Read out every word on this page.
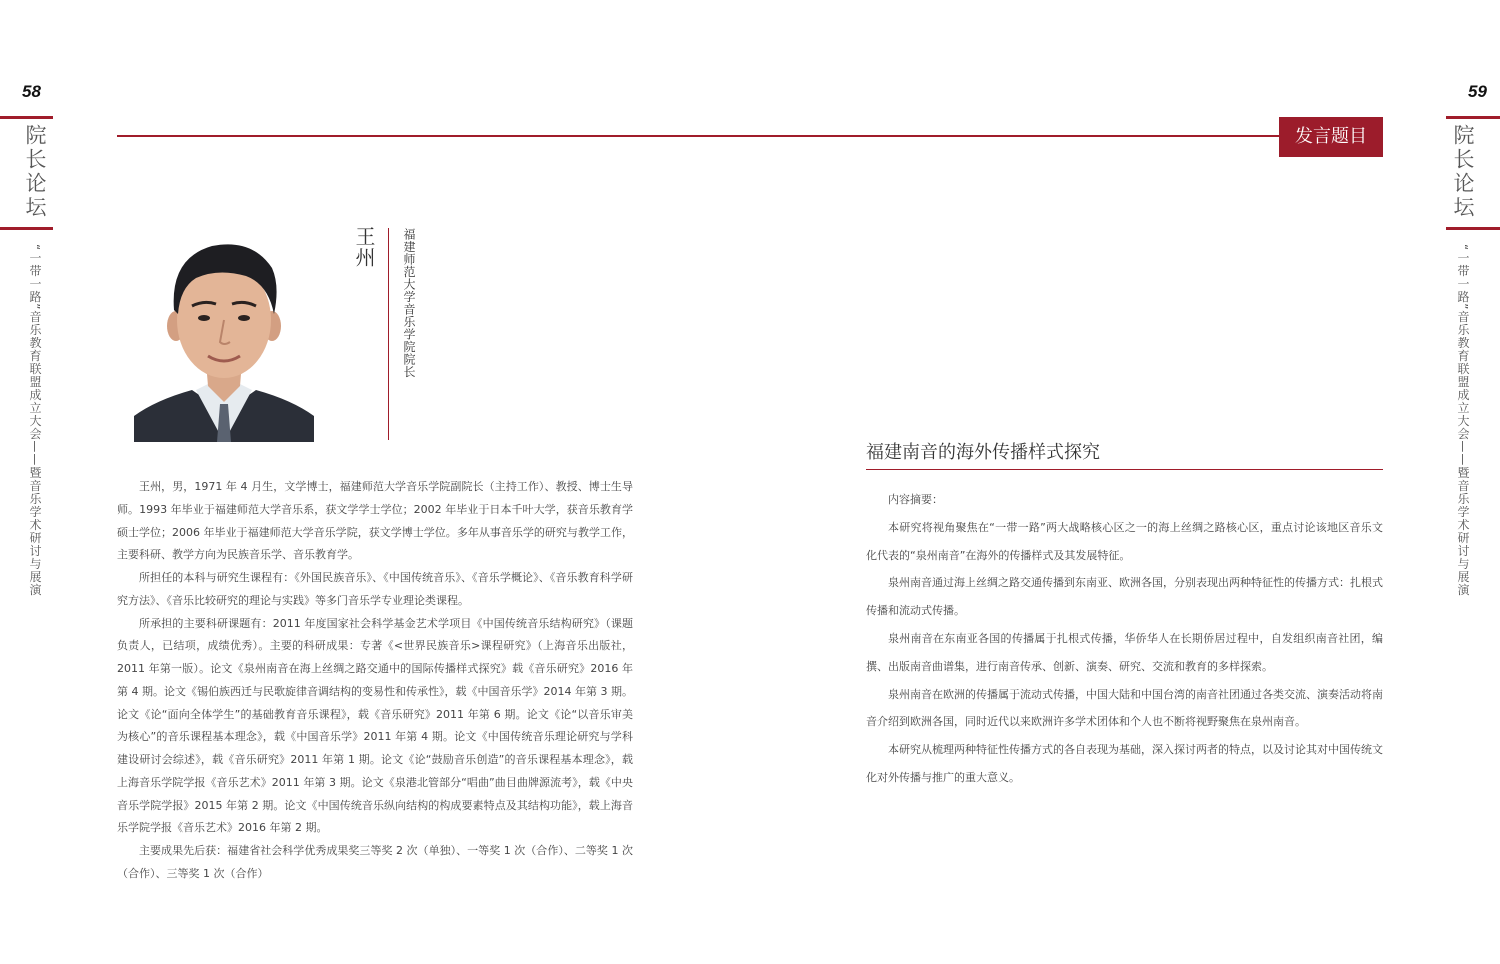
58
院长论坛
“一带一路”音乐教育联盟成立大会——暨音乐学术研讨与展演
59
院长论坛
“一带一路”音乐教育联盟成立大会——暨音乐学术研讨与展演
发言题目
王州 福建师范大学音乐学院院长

王州，男，1971 年 4 月生，文学博士，福建师范大学音乐学院副院长（主持工作）、教授、博士生导师。1993 年毕业于福建师范大学音乐系，获文学学士学位；2002 年毕业于日本千叶大学，获音乐教育学硕士学位；2006 年毕业于福建师范大学音乐学院，获文学博士学位。多年从事音乐学的研究与教学工作，主要科研、教学方向为民族音乐学、音乐教育学。

所担任的本科与研究生课程有：《外国民族音乐》、《中国传统音乐》、《音乐学概论》、《音乐教育科学研究方法》、《音乐比较研究的理论与实践》等多门音乐学专业理论类课程。

所承担的主要科研课题有：2011 年度国家社会科学基金艺术学项目《中国传统音乐结构研究》（课题负责人，已结项，成绩优秀）。主要的科研成果：专著《<世界民族音乐>课程研究》（上海音乐出版社，2011 年第一版）。论文《泉州南音在海上丝绸之路交通中的国际传播样式探究》载《音乐研究》2016 年第 4 期。论文《锡伯族西迁与民歌旋律音调结构的变易性和传承性》，载《中国音乐学》2014 年第 3 期。论文《论“面向全体学生”的基础教育音乐课程》，载《音乐研究》2011 年第 6 期。论文《论“以音乐审美为核心”的音乐课程基本理念》，载《中国音乐学》2011 年第 4 期。论文《中国传统音乐理论研究与学科建设研讨会综述》，载《音乐研究》2011 年第 1 期。论文《论“鼓励音乐创造”的音乐课程基本理念》，载上海音乐学院学报《音乐艺术》2011 年第 3 期。论文《泉港北管部分“唱曲”曲目曲牌源流考》，载《中央音乐学院学报》2015 年第 2 期。论文《中国传统音乐纵向结构的构成要素特点及其结构功能》，载上海音乐学院学报《音乐艺术》2016 年第 2 期。

主要成果先后获：福建省社会科学优秀成果奖三等奖 2 次（单独）、一等奖 1 次（合作）、二等奖 1 次（合作）、三等奖 1 次（合作）

福建南音的海外传播样式探究

内容摘要：

本研究将视角聚焦在“一带一路”两大战略核心区之一的海上丝绸之路核心区，重点讨论该地区音乐文化代表的“泉州南音”在海外的传播样式及其发展特征。

泉州南音通过海上丝绸之路交通传播到东南亚、欧洲各国，分别表现出两种特征性的传播方式：扎根式传播和流动式传播。

泉州南音在东南亚各国的传播属于扎根式传播，华侨华人在长期侨居过程中，自发组织南音社团，编撰、出版南音曲谱集，进行南音传承、创新、演奏、研究、交流和教育的多样探索。

泉州南音在欧洲的传播属于流动式传播，中国大陆和中国台湾的南音社团通过各类交流、演奏活动将南音介绍到欧洲各国，同时近代以来欧洲许多学术团体和个人也不断将视野聚焦在泉州南音。

本研究从梳理两种特征性传播方式的各自表现为基础，深入探讨两者的特点，以及讨论其对中国传统文化对外传播与推广的重大意义。
